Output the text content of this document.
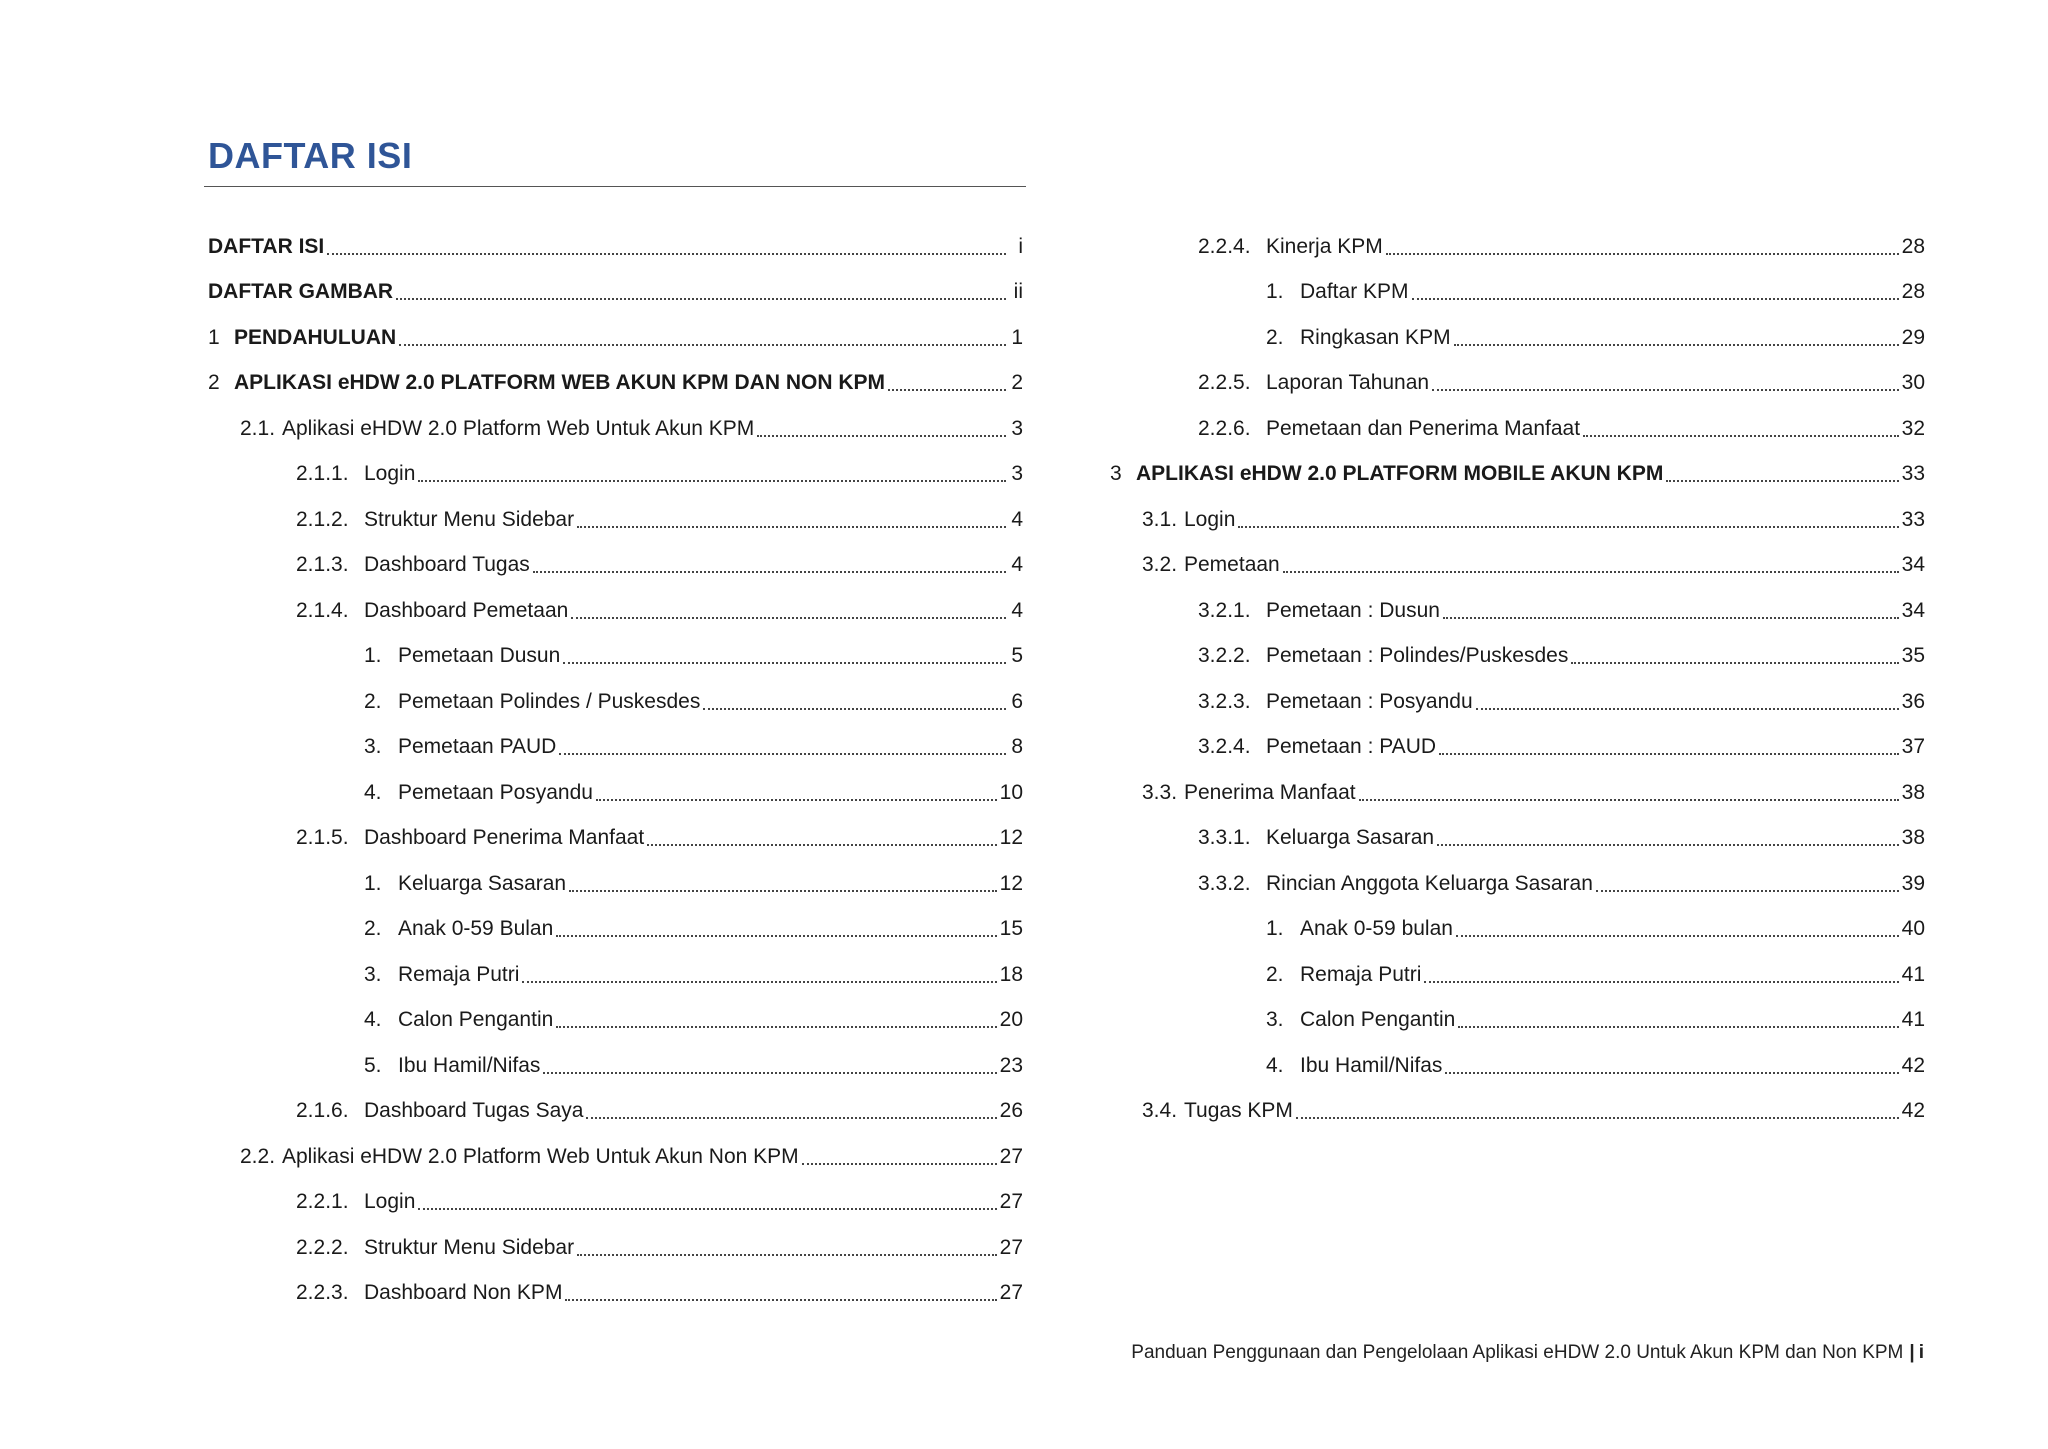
DAFTAR ISI
DAFTAR ISI	i
DAFTAR GAMBAR	ii
1 PENDAHULUAN	1
2 APLIKASI eHDW 2.0 PLATFORM WEB AKUN KPM DAN NON KPM	2
2.1. Aplikasi eHDW 2.0 Platform Web Untuk Akun KPM	3
2.1.1. Login	3
2.1.2. Struktur Menu Sidebar	4
2.1.3. Dashboard Tugas	4
2.1.4. Dashboard Pemetaan	4
1. Pemetaan Dusun	5
2. Pemetaan Polindes / Puskesdes	6
3. Pemetaan PAUD	8
4. Pemetaan Posyandu	10
2.1.5. Dashboard Penerima Manfaat	12
1. Keluarga Sasaran	12
2. Anak 0-59 Bulan	15
3. Remaja Putri	18
4. Calon Pengantin	20
5. Ibu Hamil/Nifas	23
2.1.6. Dashboard Tugas Saya	26
2.2. Aplikasi eHDW 2.0 Platform Web Untuk Akun Non KPM	27
2.2.1. Login	27
2.2.2. Struktur Menu Sidebar	27
2.2.3. Dashboard Non KPM	27
2.2.4. Kinerja KPM	28
1. Daftar KPM	28
2. Ringkasan KPM	29
2.2.5. Laporan Tahunan	30
2.2.6. Pemetaan dan Penerima Manfaat	32
3 APLIKASI eHDW 2.0 PLATFORM MOBILE AKUN KPM	33
3.1. Login	33
3.2. Pemetaan	34
3.2.1. Pemetaan : Dusun	34
3.2.2. Pemetaan : Polindes/Puskesdes	35
3.2.3. Pemetaan : Posyandu	36
3.2.4. Pemetaan : PAUD	37
3.3. Penerima Manfaat	38
3.3.1. Keluarga Sasaran	38
3.3.2. Rincian Anggota Keluarga Sasaran	39
1. Anak 0-59 bulan	40
2. Remaja Putri	41
3. Calon Pengantin	41
4. Ibu Hamil/Nifas	42
3.4. Tugas KPM	42
Panduan Penggunaan dan Pengelolaan Aplikasi eHDW 2.0 Untuk Akun KPM dan Non KPM | i
